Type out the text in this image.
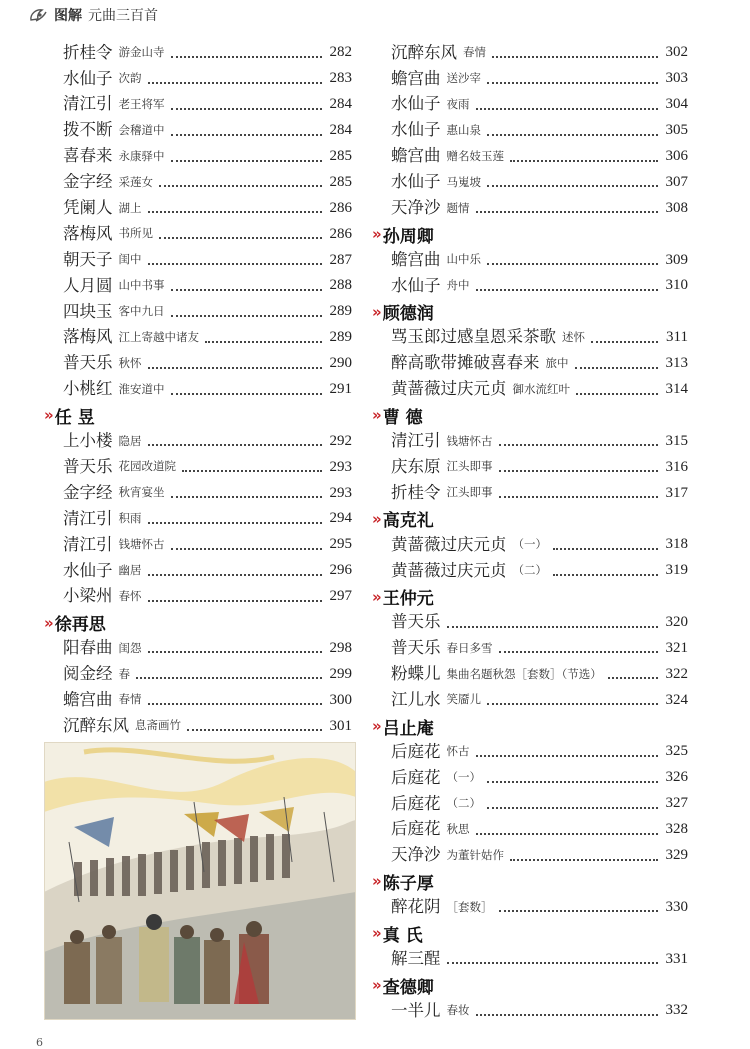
图解 元曲三百首
折桂令 游金山寺	282
水仙子 次韵	283
清江引 老王将军	284
拨不断 会稽道中	284
喜春来 永康驿中	285
金字经 采莲女	285
凭阑人 湖上	286
落梅风 书所见	286
朝天子 闺中	287
人月圆 山中书事	288
四块玉 客中九日	289
落梅风 江上寄越中诸友	289
普天乐 秋怀	290
小桃红 淮安道中	291
» 任 昱
上小楼 隐居	292
普天乐 花园改道院	293
金字经 秋宵宴坐	293
清江引 积雨	294
清江引 钱塘怀古	295
水仙子 幽居	296
小梁州 春怀	297
» 徐再思
阳春曲 闺怨	298
阅金经 春	299
蟾宫曲 春情	300
沉醉东风 息斋画竹	301
沉醉东风 春情	302
蟾宫曲 送沙宰	303
水仙子 夜雨	304
水仙子 惠山泉	305
蟾宫曲 赠名妓玉莲	306
水仙子 马嵬坡	307
天净沙 题情	308
» 孙周卿
蟾宫曲 山中乐	309
水仙子 舟中	310
» 顾德润
骂玉郎过感皇恩采茶歌 述怀	311
醉高歌带摊破喜春来 旅中	313
黄蔷薇过庆元贞 御水流红叶	314
» 曹 德
清江引 钱塘怀古	315
庆东原 江头即事	316
折桂令 江头即事	317
» 高克礼
黄蔷薇过庆元贞 （一）	318
黄蔷薇过庆元贞 （二）	319
» 王仲元
普天乐	320
普天乐 春日多雪	321
粉蝶儿 集曲名题秋怨［套数］（节选）	322
江儿水 笑靥儿	324
» 吕止庵
后庭花 怀古	325
后庭花 （一）	326
后庭花 （二）	327
后庭花 秋思	328
天净沙 为董针姑作	329
» 陈子厚
醉花阴 ［套数］	330
» 真 氏
解三酲	331
» 查德卿
一半儿 春妆	332
6
